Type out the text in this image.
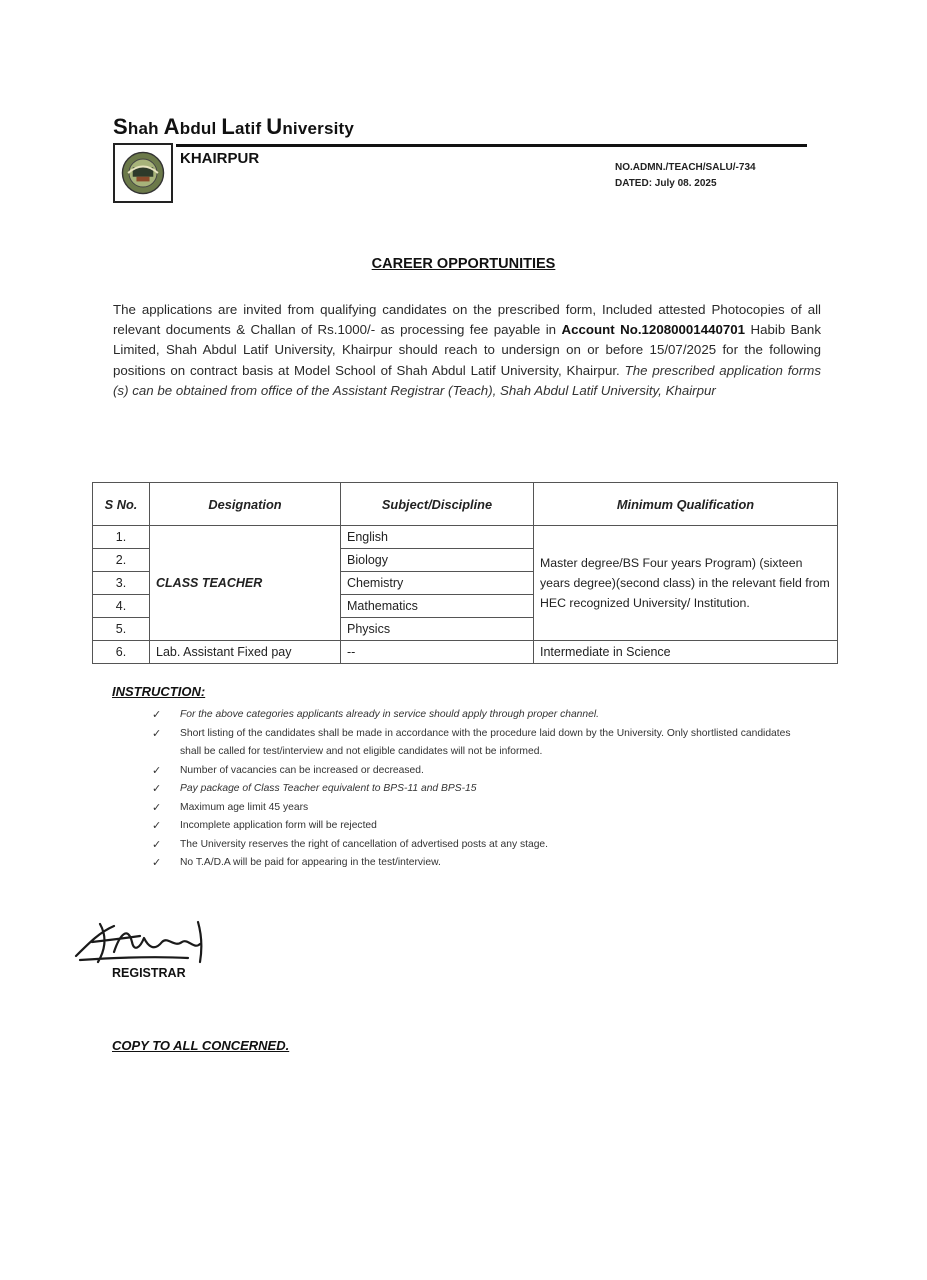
Shah Abdul Latif University
KHAIRPUR
NO.ADMN./TEACH/SALU/-734
DATED: July 08. 2025
CAREER OPPORTUNITIES
The applications are invited from qualifying candidates on the prescribed form, Included attested Photocopies of all relevant documents & Challan of Rs.1000/- as processing fee payable in Account No.12080001440701 Habib Bank Limited, Shah Abdul Latif University, Khairpur should reach to undersign on or before 15/07/2025 for the following positions on contract basis at Model School of Shah Abdul Latif University, Khairpur. The prescribed application forms (s) can be obtained from office of the Assistant Registrar (Teach), Shah Abdul Latif University, Khairpur
S No.	Designation	Subject/Discipline	Minimum Qualification
1.	CLASS TEACHER	English	Master degree/BS Four years Program) (sixteen years degree)(second class) in the relevant field from HEC recognized University/ Institution.
2.		Biology	
3.		Chemistry	
4.		Mathematics	
5.		Physics	
6.	Lab. Assistant Fixed pay	--	Intermediate in Science
INSTRUCTION:
✓ For the above categories applicants already in service should apply through proper channel.
✓ Short listing of the candidates shall be made in accordance with the procedure laid down by the University. Only shortlisted candidates shall be called for test/interview and not eligible candidates will not be informed.
✓ Number of vacancies can be increased or decreased.
✓ Pay package of Class Teacher equivalent to BPS-11 and BPS-15
✓ Maximum age limit 45 years
✓ Incomplete application form will be rejected
✓ The University reserves the right of cancellation of advertised posts at any stage.
✓ No T.A/D.A will be paid for appearing in the test/interview.
REGISTRAR
COPY TO ALL CONCERNED.
